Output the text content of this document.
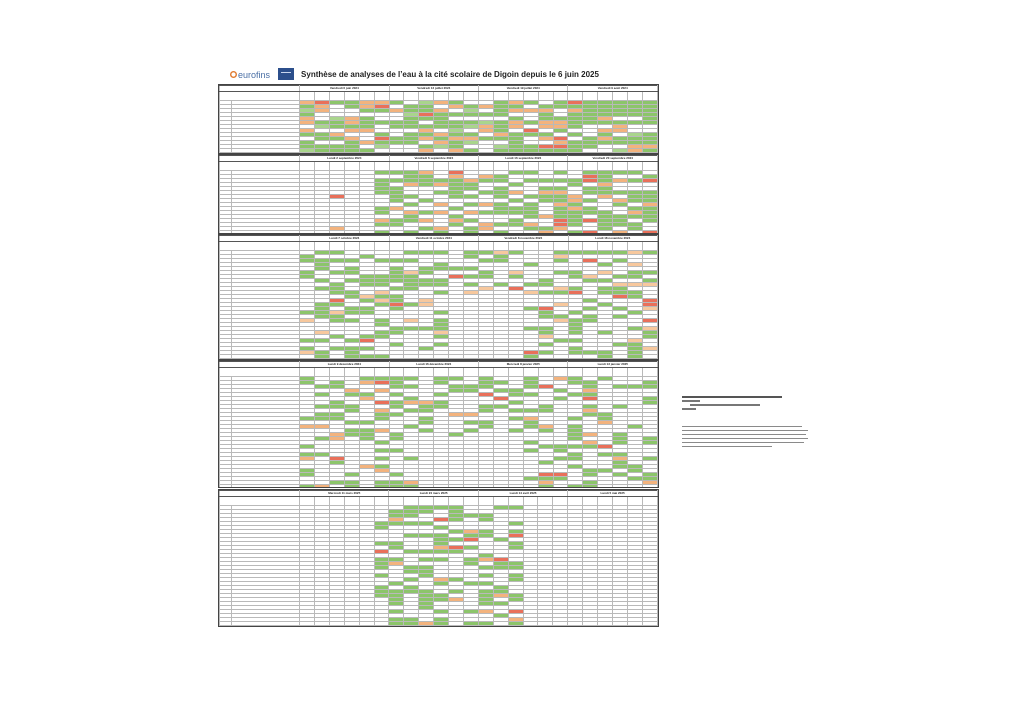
eurofins	Synthèse de analyses de l’eau à la cité scolaire de Digoin depuis le 6 juin 2025
		Vendredi 6 juin 2024						Vendredi 12 juillet 2024						Vendredi 19 juillet 2024						Vendredi 9 août 2024					

		Lundi 2 septembre 2024						Vendredi 6 septembre 2024						Lundi 16 septembre 2024						Vendredi 20 septembre 2024					

		Lundi 7 octobre 2024						Vendredi 11 octobre 2024						Vendredi 8 novembre 2024						Lundi 18 novembre 2024					

		Lundi 9 décembre 2024						Lundi 16 décembre 2024						Mercredi 8 janvier 2025						Lundi 13 janvier 2025					

		Mercredi 11 mars 2025						Lundi 24 mars 2025						Lundi 14 avril 2025						Lundi 5 mai 2025					
